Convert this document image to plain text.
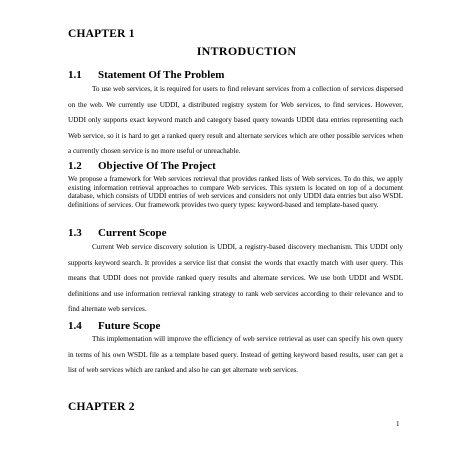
CHAPTER 1
INTRODUCTION
1.1 Statement Of The Problem
To use web services, it is required for users to find relevant services from a collection of services dispersed on the web. We currently use UDDI, a distributed registry system for Web services, to find services. However, UDDI only supports exact keyword match and category based query towards UDDI data entries representing each Web service, so it is hard to get a ranked query result and alternate services which are other possible services when a currently chosen service is no more useful or unreachable.
1.2 Objective Of The Project
We propose a framework for Web services retrieval that provides ranked lists of Web services. To do this, we apply existing information retrieval approaches to compare Web services. This system is located on top of a document database, which consists of UDDI entries of web services and considers not only UDDI data entries but also WSDL definitions of services. Our framework provides two query types: keyword-based and template-based query.
1.3 Current Scope
Current Web service discovery solution is UDDI, a registry-based discovery mechanism. This UDDI only supports keyword search. It provides a service list that consist the words that exactly match with user query. This means that UDDI does not provide ranked query results and alternate services. We use both UDDI and WSDL definitions and use information retrieval ranking strategy to rank web services according to their relevance and to find alternate web services.
1.4 Future Scope
This implementation will improve the efficiency of web service retrieval as user can specify his own query in terms of his own WSDL file as a template based query. Instead of getting keyword based results, user can get a list of web services which are ranked and also he can get alternate web services.
CHAPTER 2
1
